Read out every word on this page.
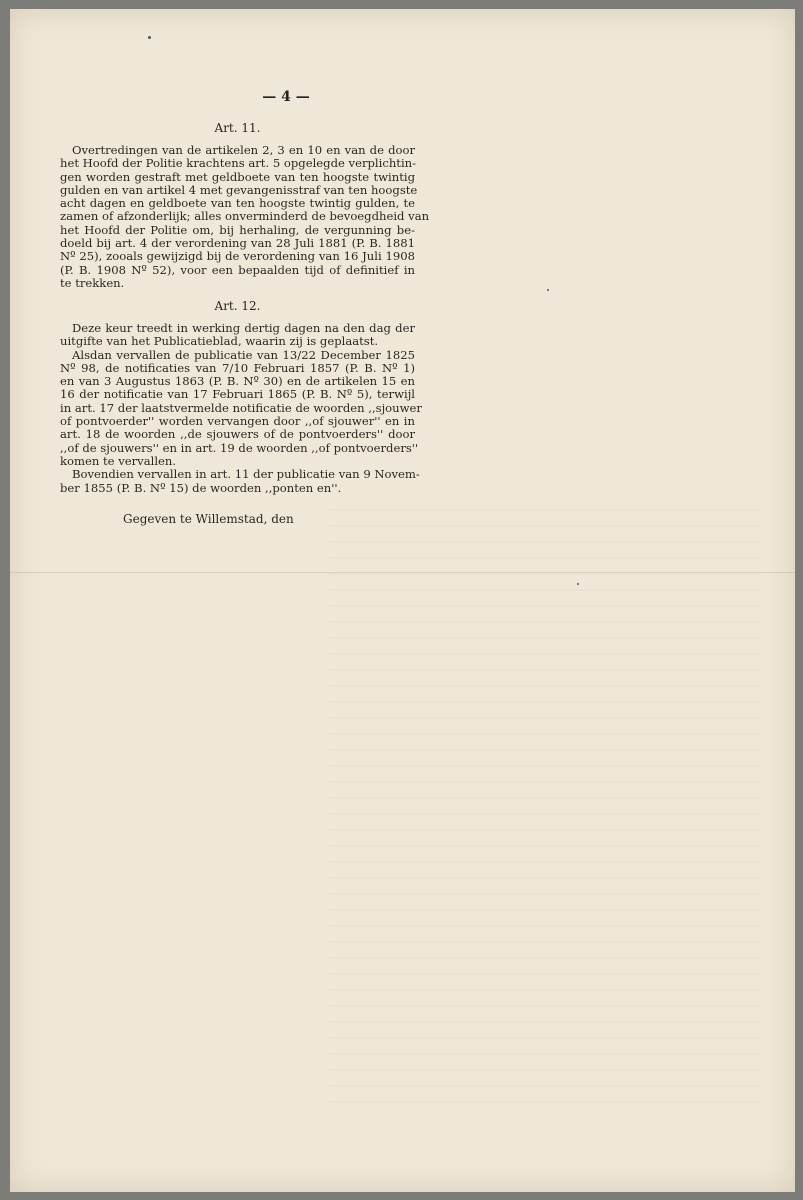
— 4 —
Art. 11.
Overtredingen van de artikelen 2, 3 en 10 en van de door
het Hoofd der Politie krachtens art. 5 opgelegde verplichtin-
gen worden gestraft met geldboete van ten hoogste twintig
gulden en van artikel 4 met gevangenisstraf van ten hoogste
acht dagen en geldboete van ten hoogste twintig gulden, te
zamen of afzonderlijk; alles onverminderd de bevoegdheid van
het Hoofd der Politie om, bij herhaling, de vergunning be-
doeld bij art. 4 der verordening van 28 Juli 1881 (P. B. 1881
Nº 25), zooals gewijzigd bij de verordening van 16 Juli 1908
(P. B. 1908 Nº 52), voor een bepaalden tijd of definitief in
te trekken.
Art. 12.
Deze keur treedt in werking dertig dagen na den dag der
uitgifte van het Publicatieblad, waarin zij is geplaatst.
Alsdan vervallen de publicatie van 13/22 December 1825
Nº 98, de notificaties van 7/10 Februari 1857 (P. B. Nº 1)
en van 3 Augustus 1863 (P. B. Nº 30) en de artikelen 15 en
16 der notificatie van 17 Februari 1865 (P. B. Nº 5), terwijl
in art. 17 der laatstvermelde notificatie de woorden ,,sjouwer
of pontvoerder'' worden vervangen door ,,of sjouwer'' en in
art. 18 de woorden ,,de sjouwers of de pontvoerders'' door
,,of de sjouwers'' en in art. 19 de woorden ,,of pontvoerders''
komen te vervallen.
Bovendien vervallen in art. 11 der publicatie van 9 Novem-
ber 1855 (P. B. Nº 15) de woorden ,,ponten en''.
Gegeven te Willemstad, den
